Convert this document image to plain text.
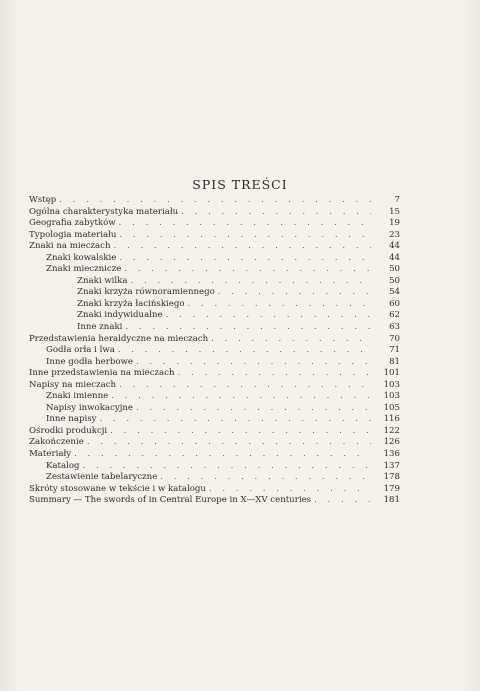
SPIS TREŚCI
Wstęp . . .	7
Ogólna charakterystyka materiału . . .	15
Geografia zabytków . . .	19
Typologia materiału . . .	23
Znaki na mieczach . . .	44
Znaki kowalskie . . .	44
Znaki miecznicze . . .	50
Znaki wilka . . .	50
Znaki krzyża równoramiennego . . .	54
Znaki krzyża łacińskiego . . .	60
Znaki indywidualne . . .	62
Inne znaki . . .	63
Przedstawienia heraldyczne na mieczach . . .	70
Godła orła i lwa . . .	71
Inne godła herbowe . . .	81
Inne przedstawienia na mieczach . . .	101
Napisy na mieczach . . .	103
Znaki imienne . . .	103
Napisy inwokacyjne . . .	105
Inne napisy . . .	116
Ośrodki produkcji . . .	122
Zakończenie . . .	126
Materiały . . .	136
Katalog . . .	137
Zestawienie tabelaryczne . . .	178
Skróty stosowane w tekście i w katalogu . . .	179
Summary — The swords of in Central Europe in X—XV centuries . . .	181
